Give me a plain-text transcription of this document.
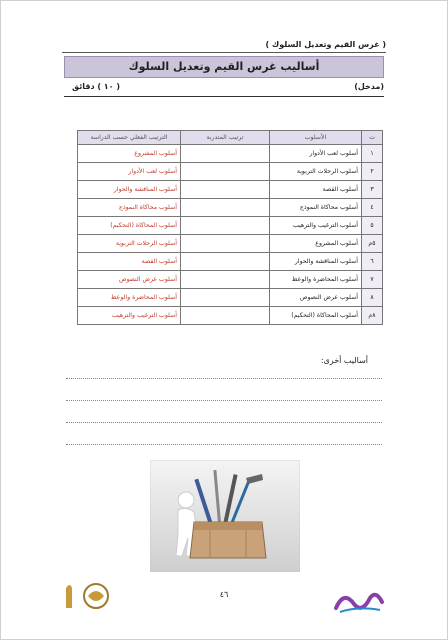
( غرس القيم وتعديل السلوك )
أساليب غرس القيم وتعديل السلوك
(مدخل)
( ١٠ ) دقائق
ت	الأسلوب	ترتيب المتدربة	الترتيب الفعلي حسب الدراسة
١	أسلوب لعب الأدوار		أسلوب المشروع
٢	أسلوب الرحلات التربوية		أسلوب لعب الأدوار
٣	أسلوب القصة		أسلوب المناقشة والحوار
٤	أسلوب محاكاة النموذج		أسلوب محاكاة النموذج
٥	أسلوب الترغيب والترهيب		أسلوب المحاكاة (التحكيم)
٥م	أسلوب المشروع		أسلوب الرحلات التربوية
٦	أسلوب المناقشة والحوار		أسلوب القصة
٧	أسلوب المحاضرة والوعظ		أسلوب عرض النصوص
٨	أسلوب عرض النصوص		أسلوب المحاضرة والوعظ
٨م	أسلوب المحاكاة (التحكيم)		أسلوب الترغيب والترهيب
أساليب أخرى:
٤٦
